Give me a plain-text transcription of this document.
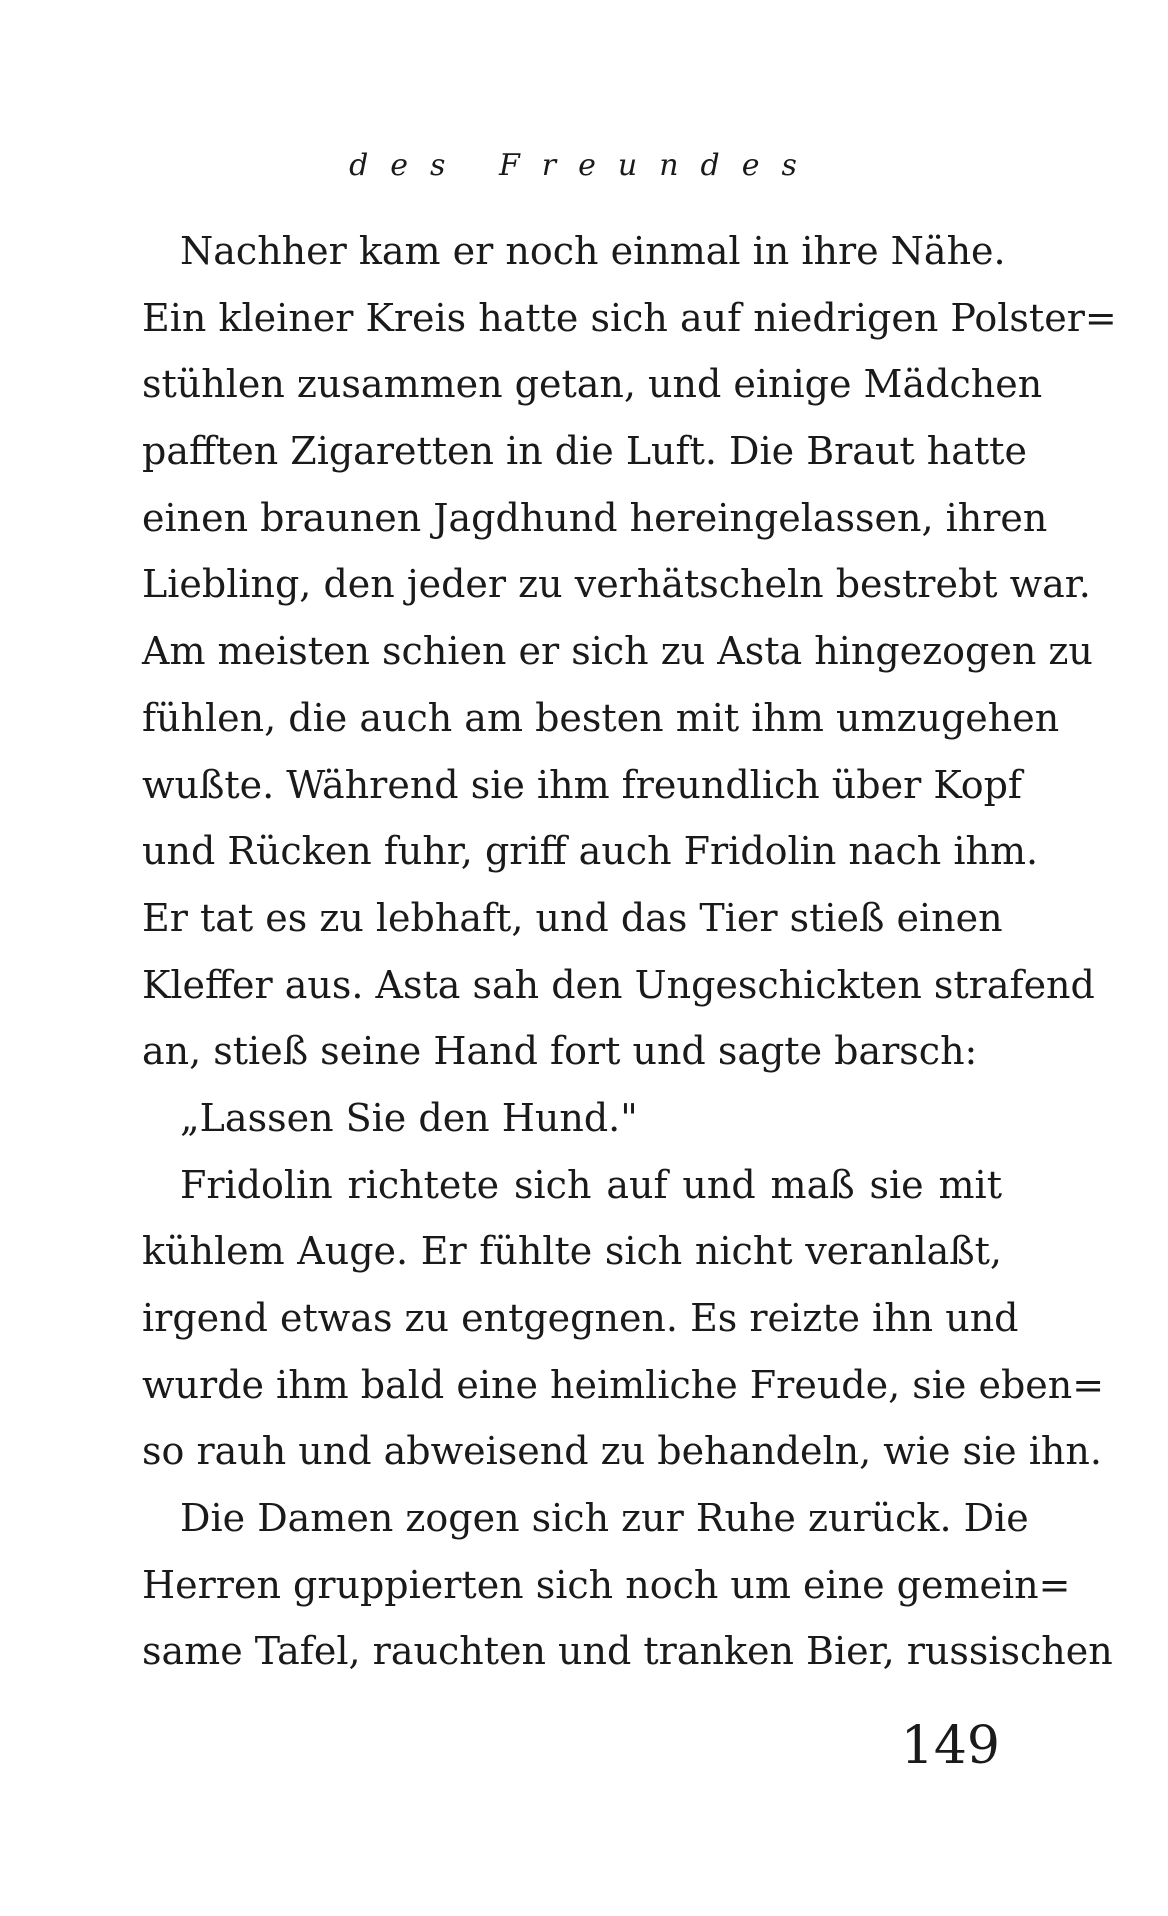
des Freundes
Nachher kam er noch einmal in ihre Nähe.
Ein kleiner Kreis hatte sich auf niedrigen Polster=
stühlen zusammen getan, und einige Mädchen
pafften Zigaretten in die Luft. Die Braut hatte
einen braunen Jagdhund hereingelassen, ihren
Liebling, den jeder zu verhätscheln bestrebt war.
Am meisten schien er sich zu Asta hingezogen zu
fühlen, die auch am besten mit ihm umzugehen
wußte. Während sie ihm freundlich über Kopf
und Rücken fuhr, griff auch Fridolin nach ihm.
Er tat es zu lebhaft, und das Tier stieß einen
Kleffer aus. Asta sah den Ungeschickten strafend
an, stieß seine Hand fort und sagte barsch:
„Lassen Sie den Hund."
Fridolin richtete sich auf und maß sie mit
kühlem Auge. Er fühlte sich nicht veranlaßt,
irgend etwas zu entgegnen. Es reizte ihn und
wurde ihm bald eine heimliche Freude, sie eben=
so rauh und abweisend zu behandeln, wie sie ihn.
Die Damen zogen sich zur Ruhe zurück. Die
Herren gruppierten sich noch um eine gemein=
same Tafel, rauchten und tranken Bier, russischen
149
